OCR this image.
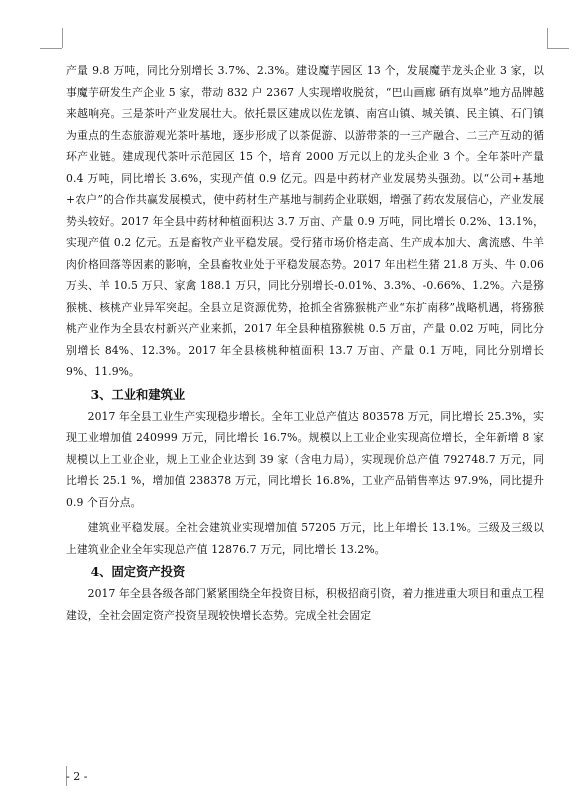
产量 9.8 万吨，同比分别增长 3.7%、2.3%。建设魔芋园区 13 个，发展魔芋龙头企业 3 家，以事魔芋研发生产企业 5 家，带动 832 户 2367 人实现增收脱贫，“巴山画廊 硒有岚皋”地方品牌越来越响亮。三是茶叶产业发展壮大。依托景区建成以佐龙镇、南宫山镇、城关镇、民主镇、石门镇为重点的生态旅游观光茶叶基地，逐步形成了以茶促游、以游带茶的一三产融合、二三产互动的循环产业链。建成现代茶叶示范园区 15 个，培育 2000 万元以上的龙头企业 3 个。全年茶叶产量 0.4 万吨，同比增长 3.6%，实现产值 0.9 亿元。四是中药材产业发展势头强劲。以“公司+基地+农户”的合作共赢发展模式，使中药材生产基地与制药企业联姻，增强了药农发展信心，产业发展势头较好。2017 年全县中药材种植面积达 3.7 万亩、产量 0.9 万吨，同比增长 0.2%、13.1%，实现产值 0.2 亿元。五是畜牧产业平稳发展。受行猪市场价格走高、生产成本加大、禽流感、牛羊肉价格回落等因素的影响，全县畜牧业处于平稳发展态势。2017 年出栏生猪 21.8 万头、牛 0.06 万头、羊 10.5 万只、家禽 188.1 万只，同比分别增长-0.01%、3.3%、-0.66%、1.2%。六是猕猴桃、核桃产业异军突起。全县立足资源优势，抢抓全省猕猴桃产业“东扩南移”战略机遇，将猕猴桃产业作为全县农村新兴产业来抓，2017 年全县种植猕猴桃 0.5 万亩，产量 0.02 万吨，同比分别增长 84%、12.3%。2017 年全县核桃种植面积 13.7 万亩、产量 0.1 万吨，同比分别增长 9%、11.9%。

3、工业和建筑业

2017 年全县工业生产实现稳步增长。全年工业总产值达 803578 万元，同比增长 25.3%，实现工业增加值 240999 万元，同比增长 16.7%。规模以上工业企业实现高位增长，全年新增 8 家规模以上工业企业，规上工业企业达到 39 家（含电力局），实现现价总产值 792748.7 万元，同比增长 25.1 %，增加值 238378 万元，同比增长 16.8%，工业产品销售率达 97.9%，同比提升 0.9 个百分点。

建筑业平稳发展。全社会建筑业实现增加值 57205 万元，比上年增长 13.1%。三级及三级以上建筑业企业全年实现总产值 12876.7 万元，同比增长 13.2%。

4、固定资产投资

2017 年全县各级各部门紧紧围绕全年投资目标，积极招商引资，着力推进重大项目和重点工程建设，全社会固定资产投资呈现较快增长态势。完成全社会固定

- 2 -
